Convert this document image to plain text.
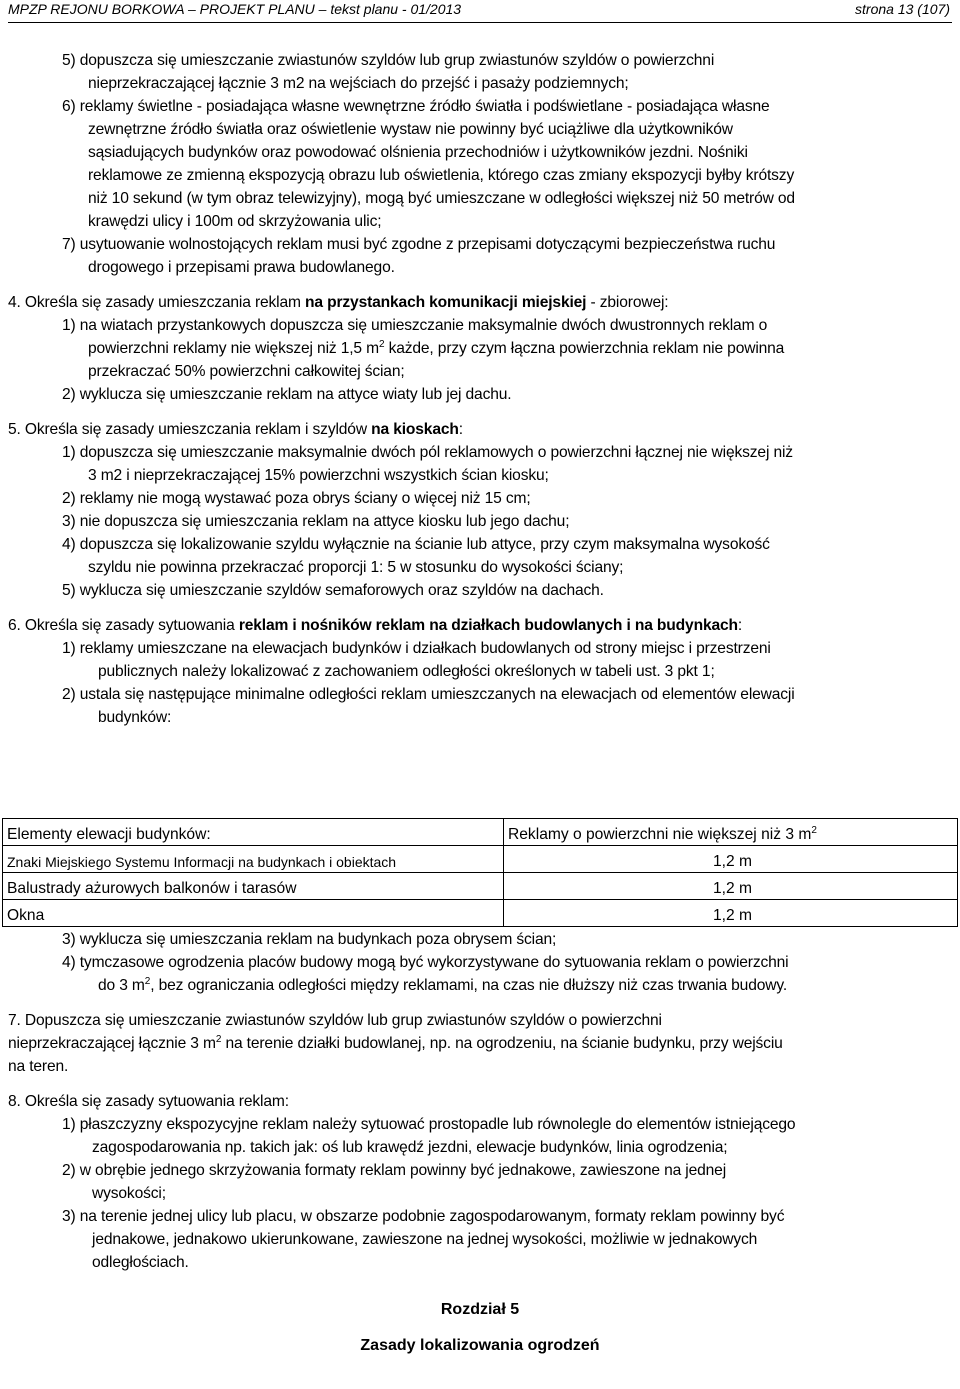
MPZP REJONU BORKOWA – PROJEKT PLANU – tekst planu - 01/2013	strona 13 (107)
5) dopuszcza się umieszczanie zwiastunów szyldów lub grup zwiastunów szyldów o powierzchni
nieprzekraczającej łącznie 3 m2 na wejściach do przejść i pasaży podziemnych;
6) reklamy świetlne - posiadająca własne wewnętrzne źródło światła i podświetlane - posiadająca własne
zewnętrzne źródło światła oraz oświetlenie wystaw nie powinny być uciążliwe dla użytkowników
sąsiadujących budynków oraz powodować olśnienia przechodniów i użytkowników jezdni. Nośniki
reklamowe ze zmienną ekspozycją obrazu lub oświetlenia, którego czas zmiany ekspozycji byłby krótszy
niż 10 sekund (w tym obraz telewizyjny), mogą być umieszczane w odległości większej niż 50 metrów od
krawędzi ulicy i 100m od skrzyżowania ulic;
7) usytuowanie wolnostojących reklam musi być zgodne z przepisami dotyczącymi bezpieczeństwa ruchu
drogowego i przepisami prawa budowlanego.
4. Określa się zasady umieszczania reklam na przystankach komunikacji miejskiej - zbiorowej:
1) na wiatach przystankowych dopuszcza się umieszczanie maksymalnie dwóch dwustronnych reklam o
powierzchni reklamy nie większej niż 1,5 $m^2$ każde, przy czym łączna powierzchnia reklam nie powinna
przekraczać 50% powierzchni całkowitej ścian;
2) wyklucza się umieszczanie reklam na attyce wiaty lub jej dachu.
5. Określa się zasady umieszczania reklam i szyldów na kioskach:
1) dopuszcza się umieszczanie maksymalnie dwóch pól reklamowych o powierzchni łącznej nie większej niż
3 m2 i nieprzekraczającej 15% powierzchni wszystkich ścian kiosku;
2) reklamy nie mogą wystawać poza obrys ściany o więcej niż 15 cm;
3) nie dopuszcza się umieszczania reklam na attyce kiosku lub jego dachu;
4) dopuszcza się lokalizowanie szyldu wyłącznie na ścianie lub attyce, przy czym maksymalna wysokość
szyldu nie powinna przekraczać proporcji 1: 5 w stosunku do wysokości ściany;
5) wyklucza się umieszczanie szyldów semaforowych oraz szyldów na dachach.
6. Określa się zasady sytuowania reklam i nośników reklam na działkach budowlanych i na budynkach:
1) reklamy umieszczane na elewacjach budynków i działkach budowlanych od strony miejsc i przestrzeni
publicznych należy lokalizować z zachowaniem odległości określonych w tabeli ust. 3 pkt 1;
2) ustala się następujące minimalne odległości reklam umieszczanych na elewacjach od elementów elewacji
budynków:
Elementy elewacji budynków:	Reklamy o powierzchni nie większej niż 3 $m^2$
Znaki Miejskiego Systemu Informacji na budynkach i obiektach	1,2 m
Balustrady ażurowych balkonów i tarasów	1,2 m
Okna	1,2 m
3) wyklucza się umieszczania reklam na budynkach poza obrysem ścian;
4) tymczasowe ogrodzenia placów budowy mogą być wykorzystywane do sytuowania reklam o powierzchni
do 3 $m^2$, bez ograniczania odległości między reklamami, na czas nie dłuższy niż czas trwania budowy.
7. Dopuszcza się umieszczanie zwiastunów szyldów lub grup zwiastunów szyldów o powierzchni
nieprzekraczającej łącznie 3 $m^2$ na terenie działki budowlanej, np. na ogrodzeniu, na ścianie budynku, przy wejściu
na teren.
8. Określa się zasady sytuowania reklam:
1) płaszczyzny ekspozycyjne reklam należy sytuować prostopadle lub równolegle do elementów istniejącego
zagospodarowania np. takich jak: oś lub krawędź jezdni, elewacje budynków, linia ogrodzenia;
2) w obrębie jednego skrzyżowania formaty reklam powinny być jednakowe, zawieszone na jednej
wysokości;
3) na terenie jednej ulicy lub placu, w obszarze podobnie zagospodarowanym, formaty reklam powinny być
jednakowe, jednakowo ukierunkowane, zawieszone na jednej wysokości, możliwie w jednakowych
odległościach.
Rozdział 5
Zasady lokalizowania ogrodzeń
